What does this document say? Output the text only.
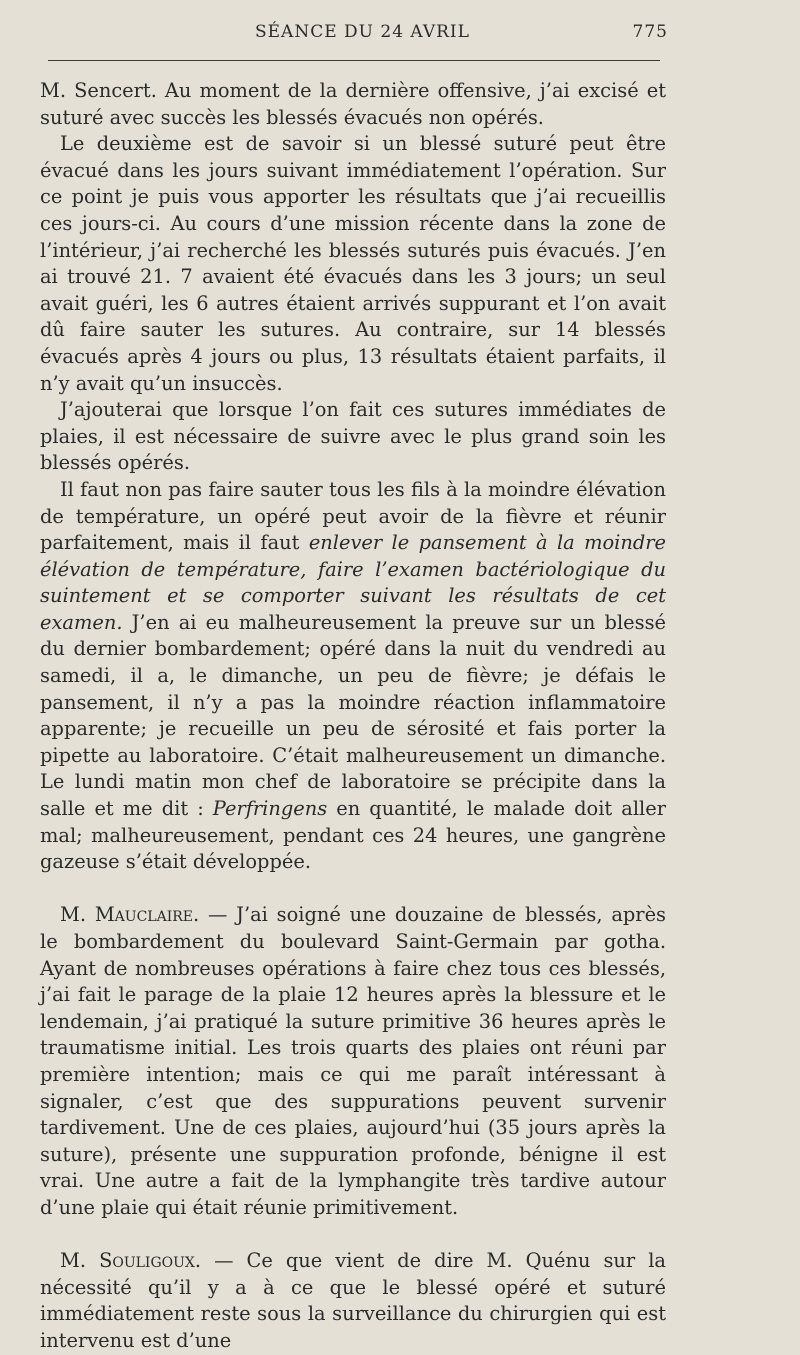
SÉANCE DU 24 AVRIL	775

M. Sencert. Au moment de la dernière offensive, j’ai excisé et suturé avec succès les blessés évacués non opérés.

Le deuxième est de savoir si un blessé suturé peut être évacué dans les jours suivant immédiatement l’opération. Sur ce point je puis vous apporter les résultats que j’ai recueillis ces jours-ci. Au cours d’une mission récente dans la zone de l’intérieur, j’ai recherché les blessés suturés puis évacués. J’en ai trouvé 21. 7 avaient été évacués dans les 3 jours; un seul avait guéri, les 6 autres étaient arrivés suppurant et l’on avait dû faire sauter les sutures. Au contraire, sur 14 blessés évacués après 4 jours ou plus, 13 résultats étaient parfaits, il n’y avait qu’un insuccès.

J’ajouterai que lorsque l’on fait ces sutures immédiates de plaies, il est nécessaire de suivre avec le plus grand soin les blessés opérés.

Il faut non pas faire sauter tous les fils à la moindre élévation de température, un opéré peut avoir de la fièvre et réunir parfaitement, mais il faut enlever le pansement à la moindre élévation de température, faire l’examen bactériologique du suintement et se comporter suivant les résultats de cet examen. J’en ai eu malheureusement la preuve sur un blessé du dernier bombardement; opéré dans la nuit du vendredi au samedi, il a, le dimanche, un peu de fièvre; je défais le pansement, il n’y a pas la moindre réaction inflammatoire apparente; je recueille un peu de sérosité et fais porter la pipette au laboratoire. C’était malheureusement un dimanche. Le lundi matin mon chef de laboratoire se précipite dans la salle et me dit : Perfringens en quantité, le malade doit aller mal; malheureusement, pendant ces 24 heures, une gangrène gazeuse s’était développée.

M. Mauclaire. — J’ai soigné une douzaine de blessés, après le bombardement du boulevard Saint-Germain par gotha. Ayant de nombreuses opérations à faire chez tous ces blessés, j’ai fait le parage de la plaie 12 heures après la blessure et le lendemain, j’ai pratiqué la suture primitive 36 heures après le traumatisme initial. Les trois quarts des plaies ont réuni par première intention; mais ce qui me paraît intéressant à signaler, c’est que des suppurations peuvent survenir tardivement. Une de ces plaies, aujourd’hui (35 jours après la suture), présente une suppuration profonde, bénigne il est vrai. Une autre a fait de la lymphangite très tardive autour d’une plaie qui était réunie primitivement.

M. Souligoux. — Ce que vient de dire M. Quénu sur la nécessité qu’il y a à ce que le blessé opéré et suturé immédiatement reste sous la surveillance du chirurgien qui est intervenu est d’une
